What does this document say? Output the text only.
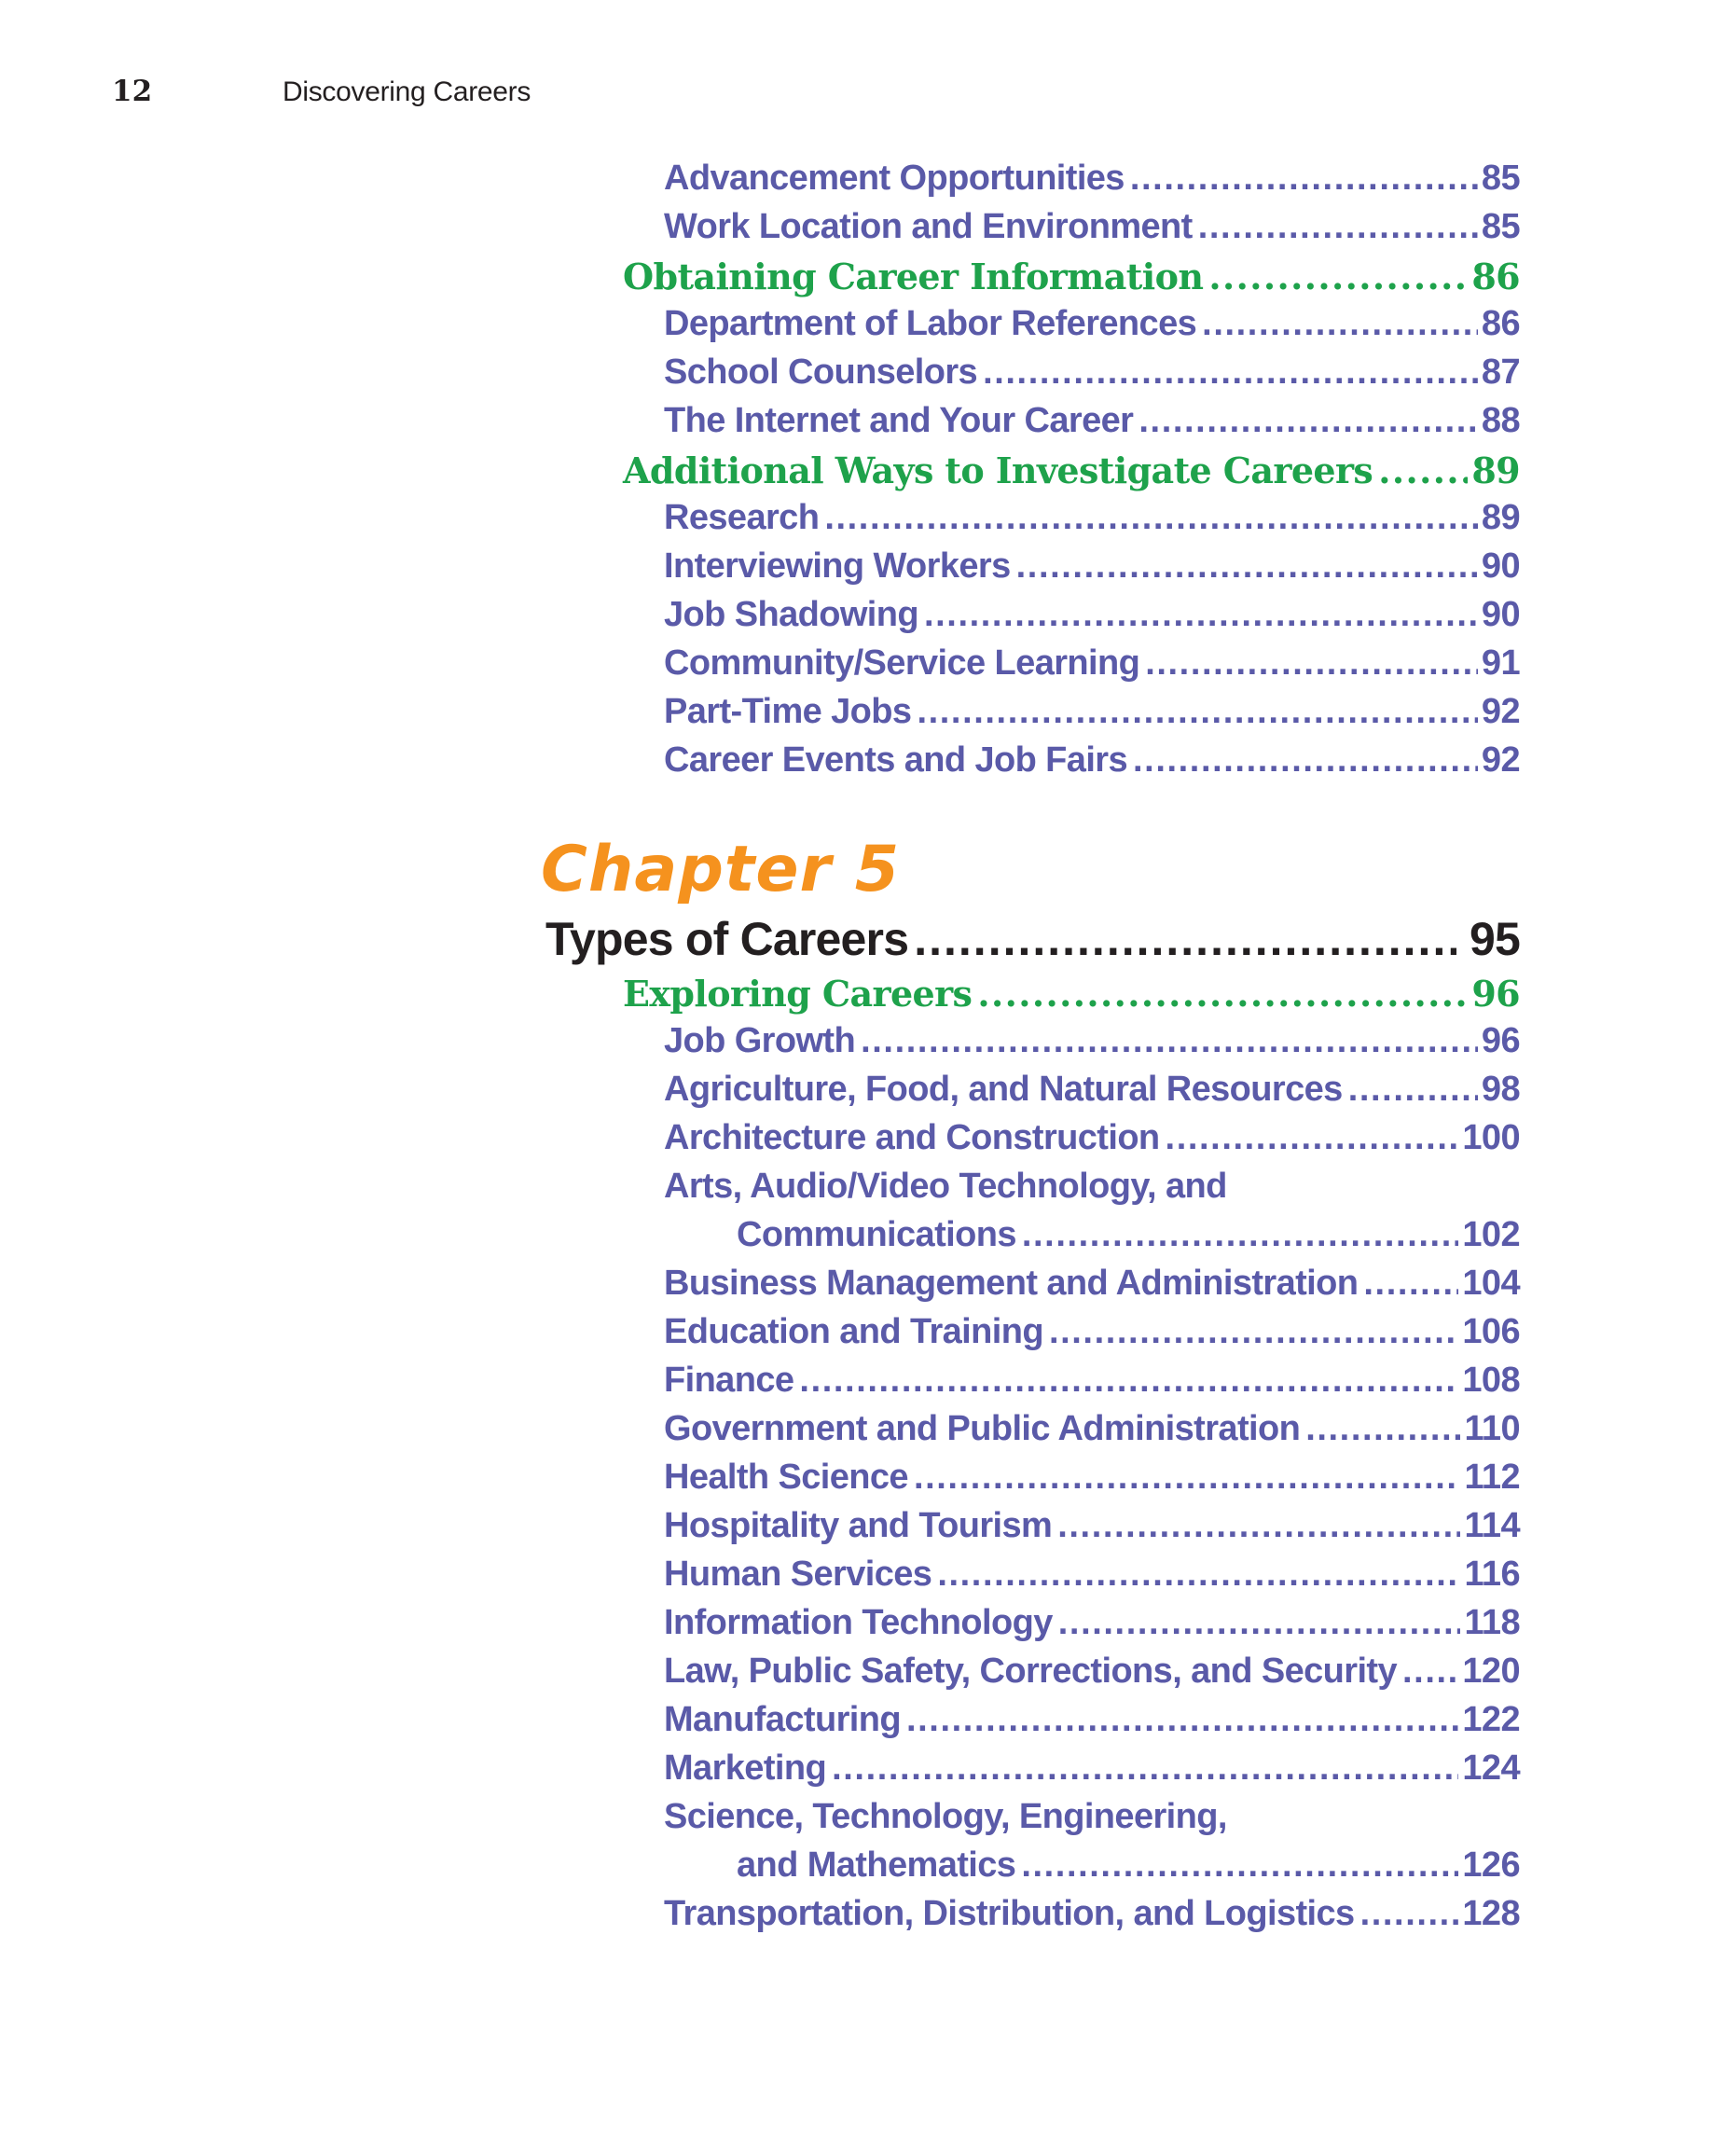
12	Discovering Careers
Advancement Opportunities .....	85
Work Location and Environment .....	85
Obtaining Career Information .....	86
Department of Labor References .....	86
School Counselors .....	87
The Internet and Your Career .....	88
Additional Ways to Investigate Careers .....	89
Research .....	89
Interviewing Workers .....	90
Job Shadowing .....	90
Community/Service Learning .....	91
Part-Time Jobs .....	92
Career Events and Job Fairs .....	92
Chapter 5
Types of Careers .....	95
Exploring Careers .....	96
Job Growth .....	96
Agriculture, Food, and Natural Resources .....	98
Architecture and Construction .....	100
Arts, Audio/Video Technology, and
Communications .....	102
Business Management and Administration .....	104
Education and Training .....	106
Finance .....	108
Government and Public Administration .....	110
Health Science .....	112
Hospitality and Tourism .....	114
Human Services .....	116
Information Technology .....	118
Law, Public Safety, Corrections, and Security ..... 120
Manufacturing .....	122
Marketing .....	124
Science, Technology, Engineering,
and Mathematics .....	126
Transportation, Distribution, and Logistics .....	128
